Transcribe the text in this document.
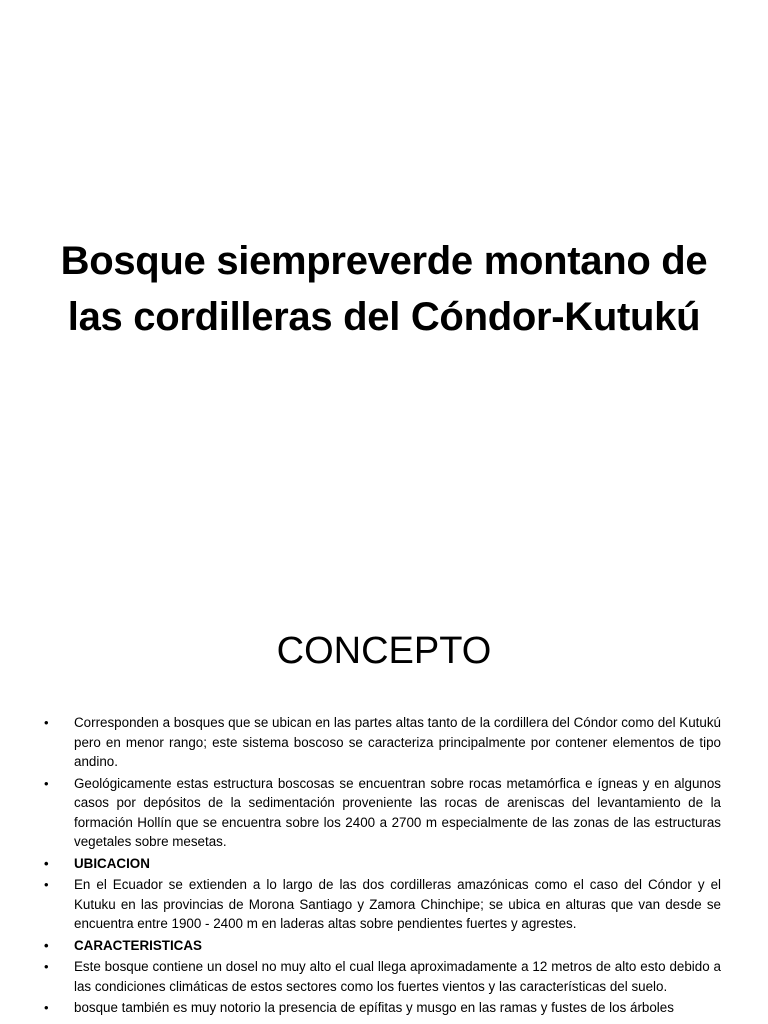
Bosque siempreverde montano de las cordilleras del Cóndor-Kutukú
CONCEPTO
• Corresponden a bosques que se ubican en las partes altas tanto de la cordillera del Cóndor como del Kutukú pero en menor rango; este sistema boscoso se caracteriza principalmente por contener elementos de tipo andino.
• Geológicamente estas estructura boscosas se encuentran sobre rocas metamórfica e ígneas y en algunos casos por depósitos de la sedimentación proveniente las rocas de areniscas del levantamiento de la formación Hollín que se encuentra sobre los 2400 a 2700 m especialmente de las zonas de las estructuras vegetales sobre mesetas.
• UBICACION
• En el Ecuador se extienden a lo largo de las dos cordilleras amazónicas como el caso del Cóndor y el Kutuku en las provincias de Morona Santiago y Zamora Chinchipe; se ubica en alturas que van desde se encuentra entre 1900 - 2400 m en laderas altas sobre pendientes fuertes y agrestes.
• CARACTERISTICAS
• Este bosque contiene un dosel no muy alto el cual llega aproximadamente a 12 metros de alto esto debido a las condiciones climáticas de estos sectores como los fuertes vientos y las características del suelo.
• bosque también es muy notorio la presencia de epífitas y musgo en las ramas y fustes de los árboles
